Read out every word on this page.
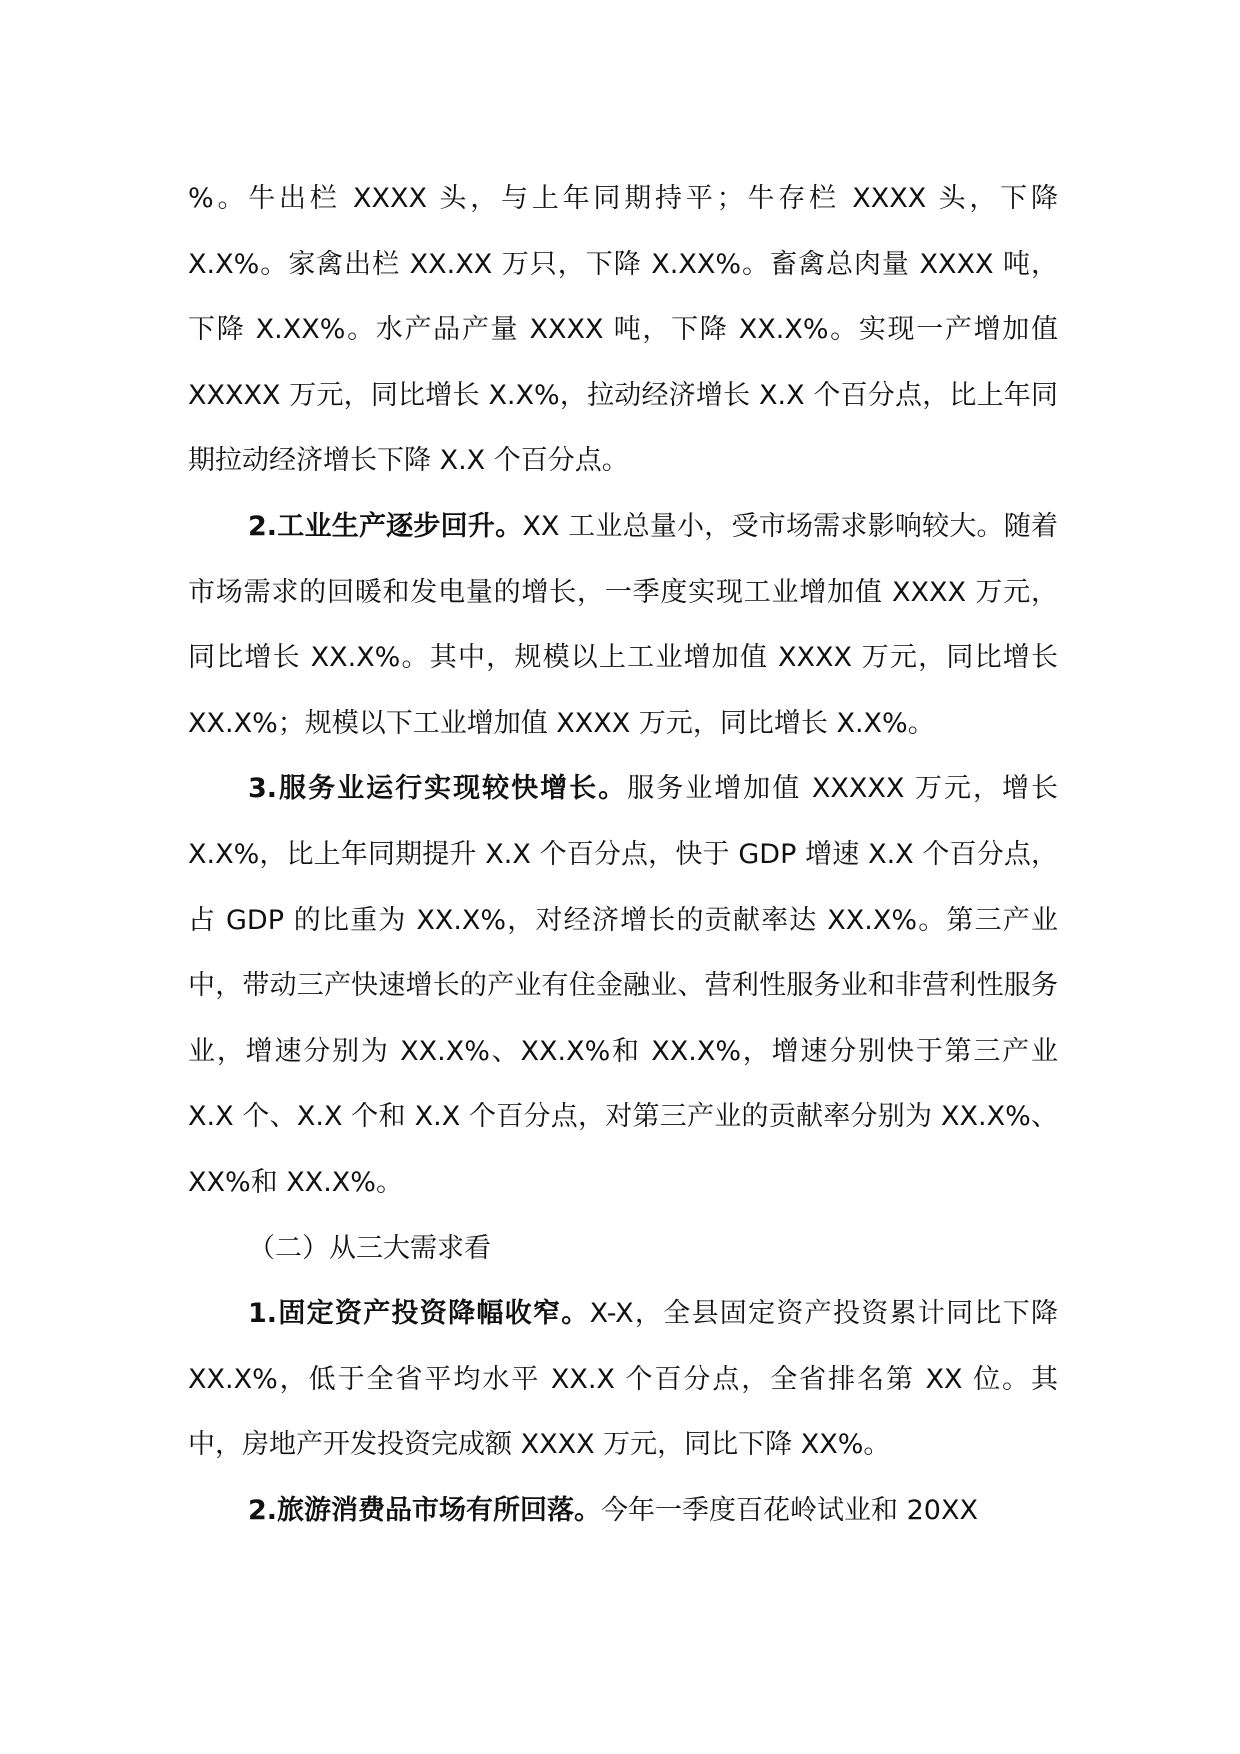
%。牛出栏 XXXX 头，与上年同期持平；牛存栏 XXXX 头，下降 X.X%。家禽出栏 XX.XX 万只，下降 X.XX%。畜禽总肉量 XXXX 吨，下降 X.XX%。水产品产量 XXXX 吨，下降 XX.X%。实现一产增加值 XXXXX 万元，同比增长 X.X%，拉动经济增长 X.X 个百分点，比上年同期拉动经济增长下降 X.X 个百分点。

2.工业生产逐步回升。XX 工业总量小，受市场需求影响较大。随着市场需求的回暖和发电量的增长，一季度实现工业增加值 XXXX 万元，同比增长 XX.X%。其中，规模以上工业增加值 XXXX 万元，同比增长 XX.X%；规模以下工业增加值 XXXX 万元，同比增长 X.X%。

3.服务业运行实现较快增长。服务业增加值 XXXXX 万元，增长 X.X%，比上年同期提升 X.X 个百分点，快于 GDP 增速 X.X 个百分点，占 GDP 的比重为 XX.X%，对经济增长的贡献率达 XX.X%。第三产业中，带动三产快速增长的产业有住金融业、营利性服务业和非营利性服务业，增速分别为 XX.X%、XX.X%和 XX.X%，增速分别快于第三产业 X.X 个、X.X 个和 X.X 个百分点，对第三产业的贡献率分别为 XX.X%、XX%和 XX.X%。

（二）从三大需求看

1.固定资产投资降幅收窄。X-X，全县固定资产投资累计同比下降 XX.X%，低于全省平均水平 XX.X 个百分点，全省排名第 XX 位。其中，房地产开发投资完成额 XXXX 万元，同比下降 XX%。

2.旅游消费品市场有所回落。今年一季度百花岭试业和 20XX
